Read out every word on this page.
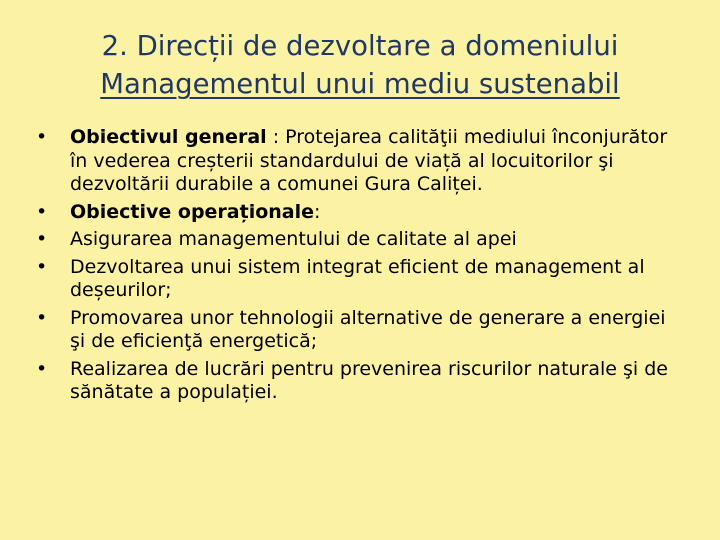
2. Direcții de dezvoltare a domeniului
Managementul unui mediu sustenabil
•	Obiectivul general : Protejarea calităţii mediului înconjurător în vederea creșterii standardului de viață al locuitorilor şi dezvoltării durabile a comunei Gura Caliței.
•	Obiective operaționale:
•	Asigurarea managementului de calitate al apei
•	Dezvoltarea unui sistem integrat eficient de management al deșeurilor;
•	Promovarea unor tehnologii alternative de generare a energiei şi de eficienţă energetică;
•	Realizarea de lucrări pentru prevenirea riscurilor naturale şi de sănătate a populației.
